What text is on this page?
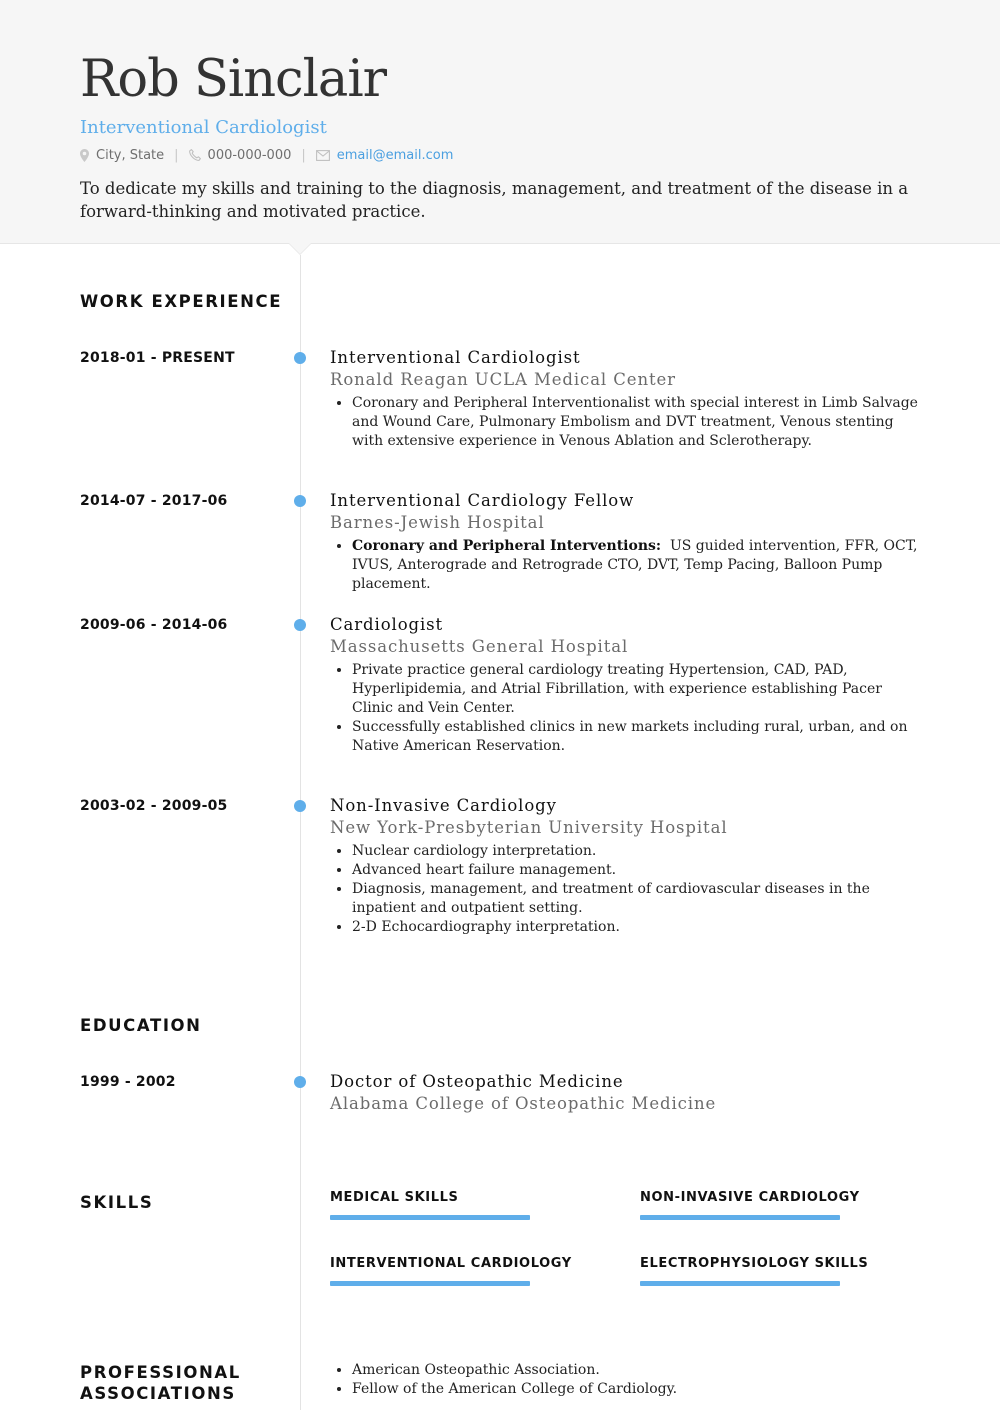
Rob Sinclair
Interventional Cardiologist
City, State | 000-000-000 | email@email.com
To dedicate my skills and training to the diagnosis, management, and treatment of the disease in a forward-thinking and motivated practice.
WORK EXPERIENCE
2018-01 - PRESENT	Interventional Cardiologist
Ronald Reagan UCLA Medical Center
• Coronary and Peripheral Interventionalist with special interest in Limb Salvage and Wound Care, Pulmonary Embolism and DVT treatment, Venous stenting with extensive experience in Venous Ablation and Sclerotherapy.
2014-07 - 2017-06	Interventional Cardiology Fellow
Barnes-Jewish Hospital
• Coronary and Peripheral Interventions: US guided intervention, FFR, OCT, IVUS, Anterograde and Retrograde CTO, DVT, Temp Pacing, Balloon Pump placement.
2009-06 - 2014-06	Cardiologist
Massachusetts General Hospital
• Private practice general cardiology treating Hypertension, CAD, PAD, Hyperlipidemia, and Atrial Fibrillation, with experience establishing Pacer Clinic and Vein Center.
• Successfully established clinics in new markets including rural, urban, and on Native American Reservation.
2003-02 - 2009-05	Non-Invasive Cardiology
New York-Presbyterian University Hospital
• Nuclear cardiology interpretation.
• Advanced heart failure management.
• Diagnosis, management, and treatment of cardiovascular diseases in the inpatient and outpatient setting.
• 2-D Echocardiography interpretation.
EDUCATION
1999 - 2002	Doctor of Osteopathic Medicine
Alabama College of Osteopathic Medicine
SKILLS	MEDICAL SKILLS	NON-INVASIVE CARDIOLOGY
INTERVENTIONAL CARDIOLOGY	ELECTROPHYSIOLOGY SKILLS
PROFESSIONAL
ASSOCIATIONS
• American Osteopathic Association.
• Fellow of the American College of Cardiology.
